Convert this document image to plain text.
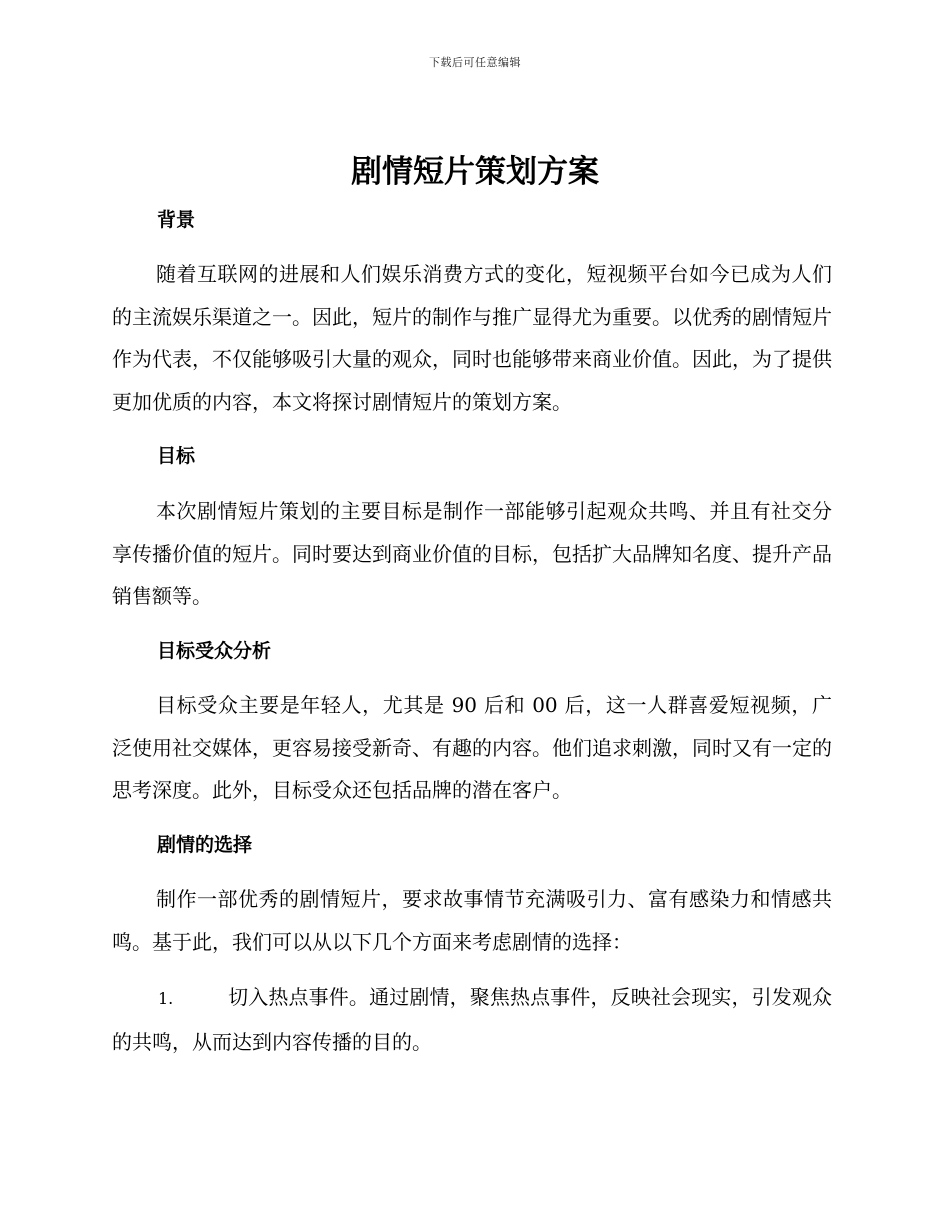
下载后可任意编辑
剧情短片策划方案
背景

随着互联网的进展和人们娱乐消费方式的变化，短视频平台如今已成为人们的主流娱乐渠道之一。因此，短片的制作与推广显得尤为重要。以优秀的剧情短片作为代表，不仅能够吸引大量的观众，同时也能够带来商业价值。因此，为了提供更加优质的内容，本文将探讨剧情短片的策划方案。

目标

本次剧情短片策划的主要目标是制作一部能够引起观众共鸣、并且有社交分享传播价值的短片。同时要达到商业价值的目标，包括扩大品牌知名度、提升产品销售额等。

目标受众分析

目标受众主要是年轻人，尤其是 90 后和 00 后，这一人群喜爱短视频，广泛使用社交媒体，更容易接受新奇、有趣的内容。他们追求刺激，同时又有一定的思考深度。此外，目标受众还包括品牌的潜在客户。

剧情的选择

制作一部优秀的剧情短片，要求故事情节充满吸引力、富有感染力和情感共鸣。基于此，我们可以从以下几个方面来考虑剧情的选择：

1.	切入热点事件。通过剧情，聚焦热点事件，反映社会现实，引发观众的共鸣，从而达到内容传播的目的。
